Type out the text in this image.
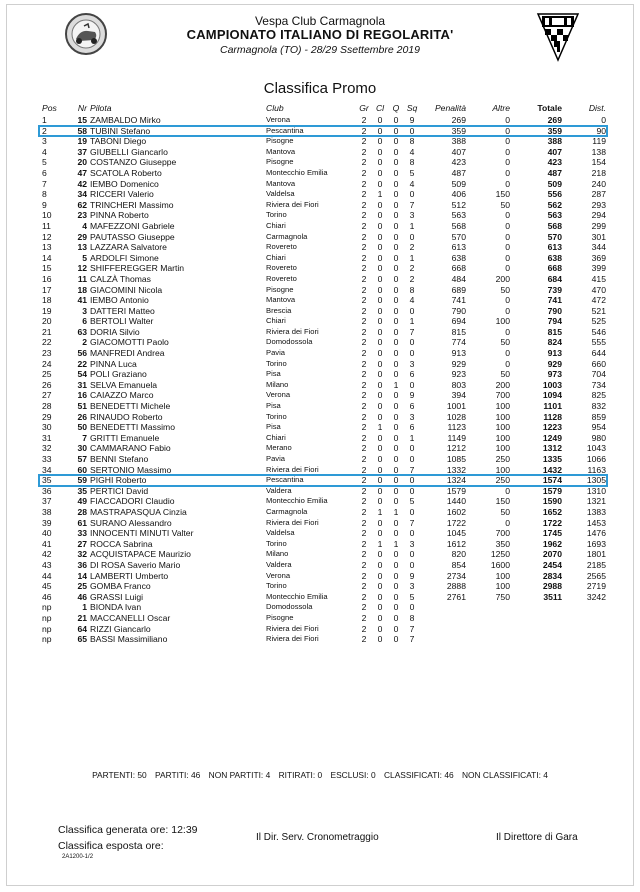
Vespa Club Carmagnola
CAMPIONATO ITALIANO DI REGOLARITA'
Carmagnola (TO) - 28/29 Ssettembre 2019
Classifica Promo
Pos	Nr	Pilota	Club	Gr	Cl	Q	Sq	Penalità	Altre	Totale	Dist.
1	15	ZAMBALDO Mirko	Verona	2	0	0	9	269	0	269	0
2	58	TUBINI Stefano	Pescantina	2	0	0	0	359	0	359	90
3	19	TABONI Diego	Pisogne	2	0	0	8	388	0	388	119
4	37	GIUBELLI Giancarlo	Mantova	2	0	0	4	407	0	407	138
5	20	COSTANZO Giuseppe	Pisogne	2	0	0	8	423	0	423	154
6	47	SCATOLA Roberto	Montecchio Emilia	2	0	0	5	487	0	487	218
7	42	IEMBO Domenico	Mantova	2	0	0	4	509	0	509	240
8	34	RICCERI Valerio	Valdelsa	2	1	0	0	406	150	556	287
9	62	TRINCHERI Massimo	Riviera dei Fiori	2	0	0	7	512	50	562	293
10	23	PINNA Roberto	Torino	2	0	0	3	563	0	563	294
11	4	MAFEZZONI Gabriele	Chiari	2	0	0	1	568	0	568	299
12	29	PAUTASSO Giuseppe	Carmagnola	2	0	0	0	570	0	570	301
13	13	LAZZARA Salvatore	Rovereto	2	0	0	2	613	0	613	344
14	5	ARDOLFI Simone	Chiari	2	0	0	1	638	0	638	369
15	12	SHIFFEREGGER Martin	Rovereto	2	0	0	2	668	0	668	399
16	11	CALZÀ Thomas	Rovereto	2	0	0	2	484	200	684	415
17	18	GIACOMINI Nicola	Pisogne	2	0	0	8	689	50	739	470
18	41	IEMBO Antonio	Mantova	2	0	0	4	741	0	741	472
19	3	DATTERI Matteo	Brescia	2	0	0	0	790	0	790	521
20	6	BERTOLI Walter	Chiari	2	0	0	1	694	100	794	525
21	63	DORIA Silvio	Riviera dei Fiori	2	0	0	7	815	0	815	546
22	2	GIACOMOTTI Paolo	Domodossola	2	0	0	0	774	50	824	555
23	56	MANFREDI Andrea	Pavia	2	0	0	0	913	0	913	644
24	22	PINNA Luca	Torino	2	0	0	3	929	0	929	660
25	54	POLI Graziano	Pisa	2	0	0	6	923	50	973	704
26	31	SELVA Emanuela	Milano	2	0	1	0	803	200	1003	734
27	16	CAIAZZO Marco	Verona	2	0	0	9	394	700	1094	825
28	51	BENEDETTI Michele	Pisa	2	0	0	6	1001	100	1101	832
29	26	RINAUDO Roberto	Torino	2	0	0	3	1028	100	1128	859
30	50	BENEDETTI Massimo	Pisa	2	1	0	6	1123	100	1223	954
31	7	GRITTI Emanuele	Chiari	2	0	0	1	1149	100	1249	980
32	30	CAMMARANO Fabio	Merano	2	0	0	0	1212	100	1312	1043
33	57	BENNI Stefano	Pavia	2	0	0	0	1085	250	1335	1066
34	60	SERTONIO Massimo	Riviera dei Fiori	2	0	0	7	1332	100	1432	1163
35	59	PIGHI Roberto	Pescantina	2	0	0	0	1324	250	1574	1305
36	35	PERTICI David	Valdera	2	0	0	0	1579	0	1579	1310
37	49	FIACCADORI Claudio	Montecchio Emilia	2	0	0	5	1440	150	1590	1321
38	28	MASTRAPASQUA Cinzia	Carmagnola	2	1	1	0	1602	50	1652	1383
39	61	SURANO Alessandro	Riviera dei Fiori	2	0	0	7	1722	0	1722	1453
40	33	INNOCENTI MINUTI Valter	Valdelsa	2	0	0	0	1045	700	1745	1476
41	27	ROCCA Sabrina	Torino	2	1	1	3	1612	350	1962	1693
42	32	ACQUISTAPACE Maurizio	Milano	2	0	0	0	820	1250	2070	1801
43	36	DI ROSA Saverio Mario	Valdera	2	0	0	0	854	1600	2454	2185
44	14	LAMBERTI Umberto	Verona	2	0	0	9	2734	100	2834	2565
45	25	GOMBA Franco	Torino	2	0	0	3	2888	100	2988	2719
46	46	GRASSI Luigi	Montecchio Emilia	2	0	0	5	2761	750	3511	3242
np	1	BIONDA Ivan	Domodossola	2	0	0	0				
np	21	MACCANELLI Oscar	Pisogne	2	0	0	8				
np	64	RIZZI Giancarlo	Riviera dei Fiori	2	0	0	7				
np	65	BASSI Massimiliano	Riviera dei Fiori	2	0	0	7				
PARTENTI: 50 PARTITI: 46 NON PARTITI: 4 RITIRATI: 0 ESCLUSI: 0 CLASSIFICATI: 46 NON CLASSIFICATI: 4
Classifica generata ore: 12:39
Classifica esposta ore:
2A1200-1/2
Il Dir. Serv. Cronometraggio	Il Direttore di Gara
